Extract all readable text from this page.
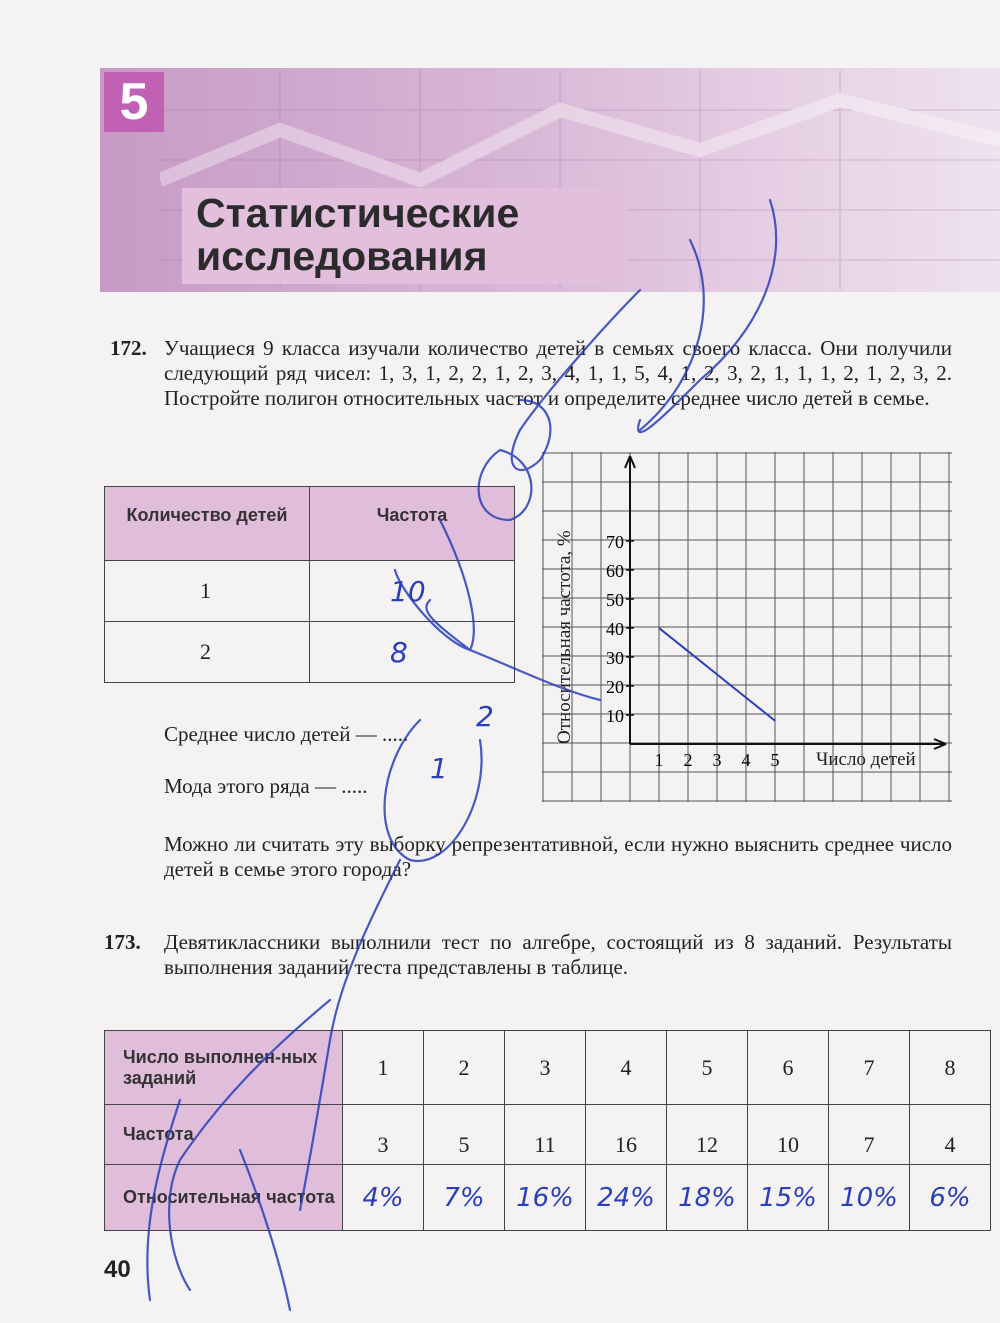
5
Статистические
исследования
172. Учащиеся 9 класса изучали количество детей в семьях своего класса. Они получили следующий ряд чисел: 1, 3, 1, 2, 2, 1, 2, 3, 4, 1, 1, 5, 4, 1, 2, 3, 2, 1, 1, 1, 2, 1, 2, 3, 2. Постройте полигон относительных частот и определите среднее число детей в семье.
Количество детей	Частота
1	10
2	8
Среднее число детей — .....
Мода этого ряда — .....
2
1
Можно ли считать эту выборку репрезентативной, если нужно выяснить среднее число детей в семье этого города?
10
20
30
40
50
60
70
1 2 3 4 5
Относительная частота, %
Число детей
173. Девятиклассники выполнили тест по алгебре, состоящий из 8 заданий. Результаты выполнения заданий теста представлены в таблице.
Число выполнен-ных заданий	1	2	3	4	5	6	7	8
Частота	3	5	11	16	12	10	7	4
Относительная частота	4%	7%	16%	24%	18%	15%	10%	6%
40
